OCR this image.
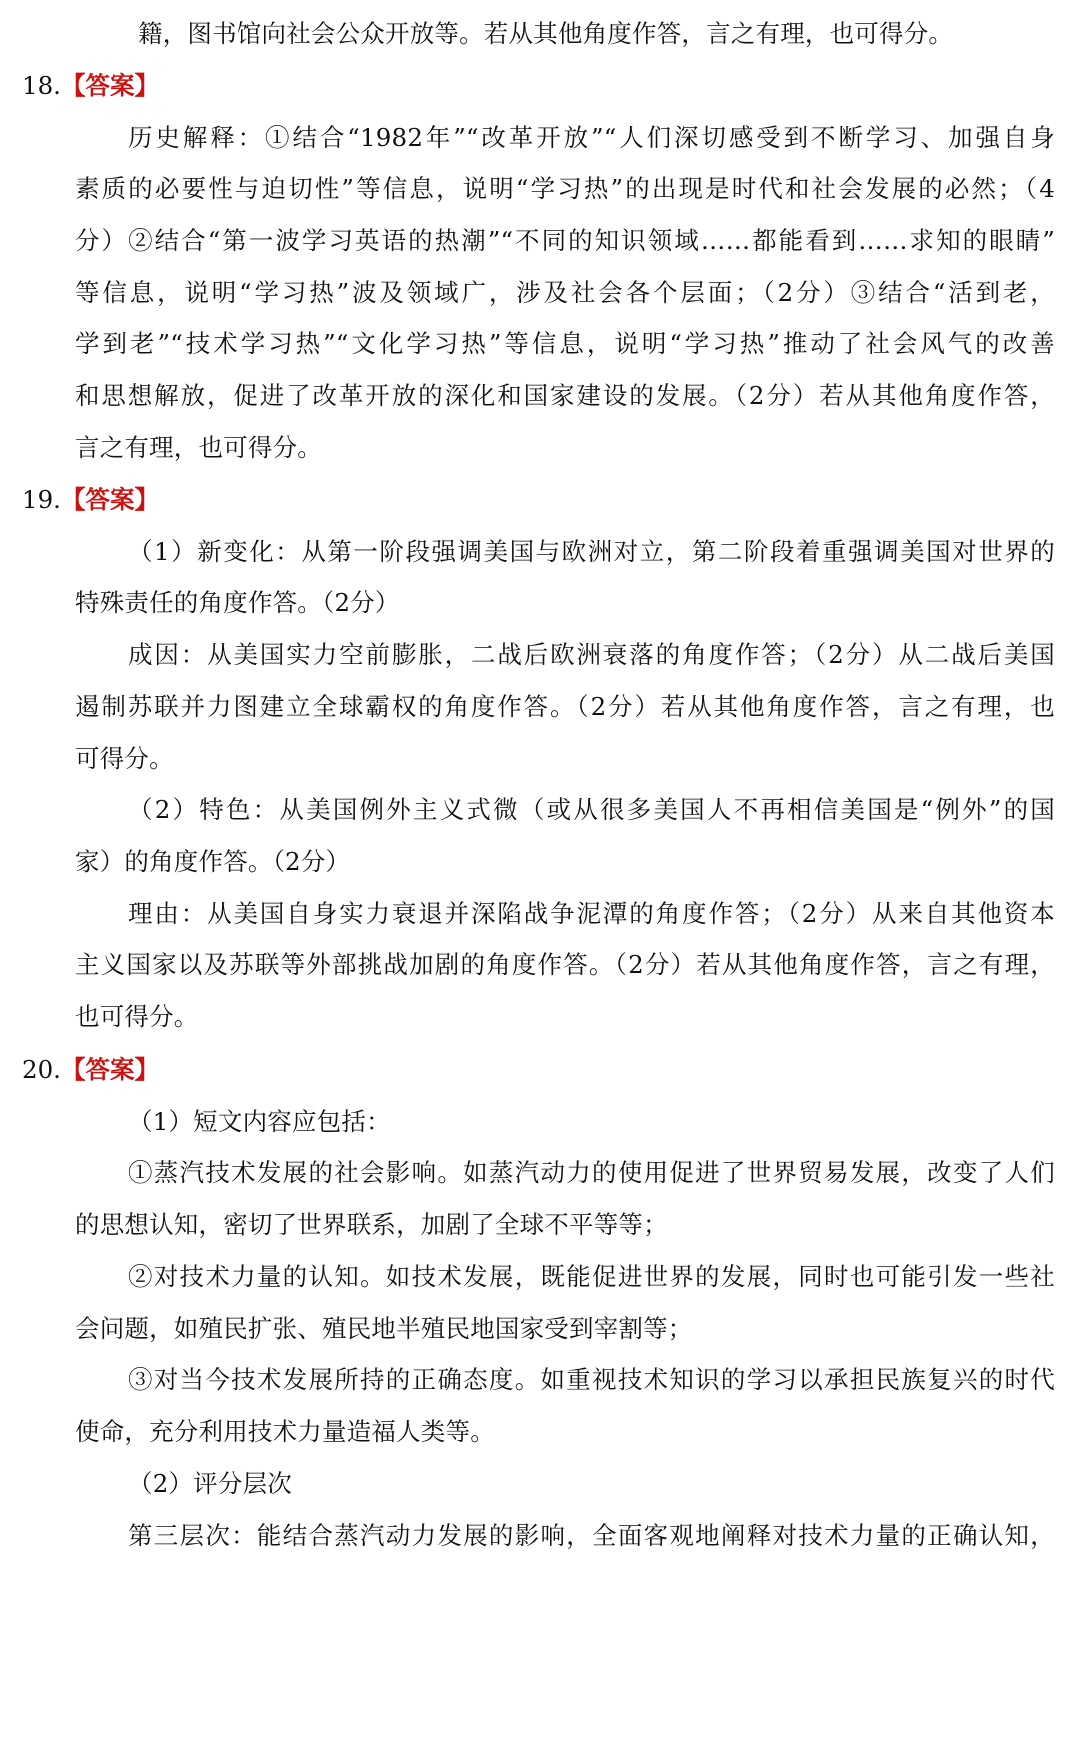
籍，图书馆向社会公众开放等。若从其他角度作答，言之有理，也可得分。
18.【答案】
历史解释：①结合“1982年”“改革开放”“人们深切感受到不断学习、加强自身
素质的必要性与迫切性”等信息，说明“学习热”的出现是时代和社会发展的必然；（4
分）②结合“第一波学习英语的热潮”“不同的知识领域……都能看到……求知的眼睛”
等信息，说明“学习热”波及领域广，涉及社会各个层面；（2分）③结合“活到老，
学到老”“技术学习热”“文化学习热”等信息，说明“学习热”推动了社会风气的改善
和思想解放，促进了改革开放的深化和国家建设的发展。（2分）若从其他角度作答，
言之有理，也可得分。
19.【答案】
（1）新变化：从第一阶段强调美国与欧洲对立，第二阶段着重强调美国对世界的
特殊责任的角度作答。（2分）
成因：从美国实力空前膨胀，二战后欧洲衰落的角度作答；（2分）从二战后美国
遏制苏联并力图建立全球霸权的角度作答。（2分）若从其他角度作答，言之有理，也
可得分。
（2）特色：从美国例外主义式微（或从很多美国人不再相信美国是“例外”的国
家）的角度作答。（2分）
理由：从美国自身实力衰退并深陷战争泥潭的角度作答；（2分）从来自其他资本
主义国家以及苏联等外部挑战加剧的角度作答。（2分）若从其他角度作答，言之有理，
也可得分。
20.【答案】
（1）短文内容应包括：
①蒸汽技术发展的社会影响。如蒸汽动力的使用促进了世界贸易发展，改变了人们
的思想认知，密切了世界联系，加剧了全球不平等等；
②对技术力量的认知。如技术发展，既能促进世界的发展，同时也可能引发一些社
会问题，如殖民扩张、殖民地半殖民地国家受到宰割等；
③对当今技术发展所持的正确态度。如重视技术知识的学习以承担民族复兴的时代
使命，充分利用技术力量造福人类等。
（2）评分层次
第三层次：能结合蒸汽动力发展的影响，全面客观地阐释对技术力量的正确认知，
